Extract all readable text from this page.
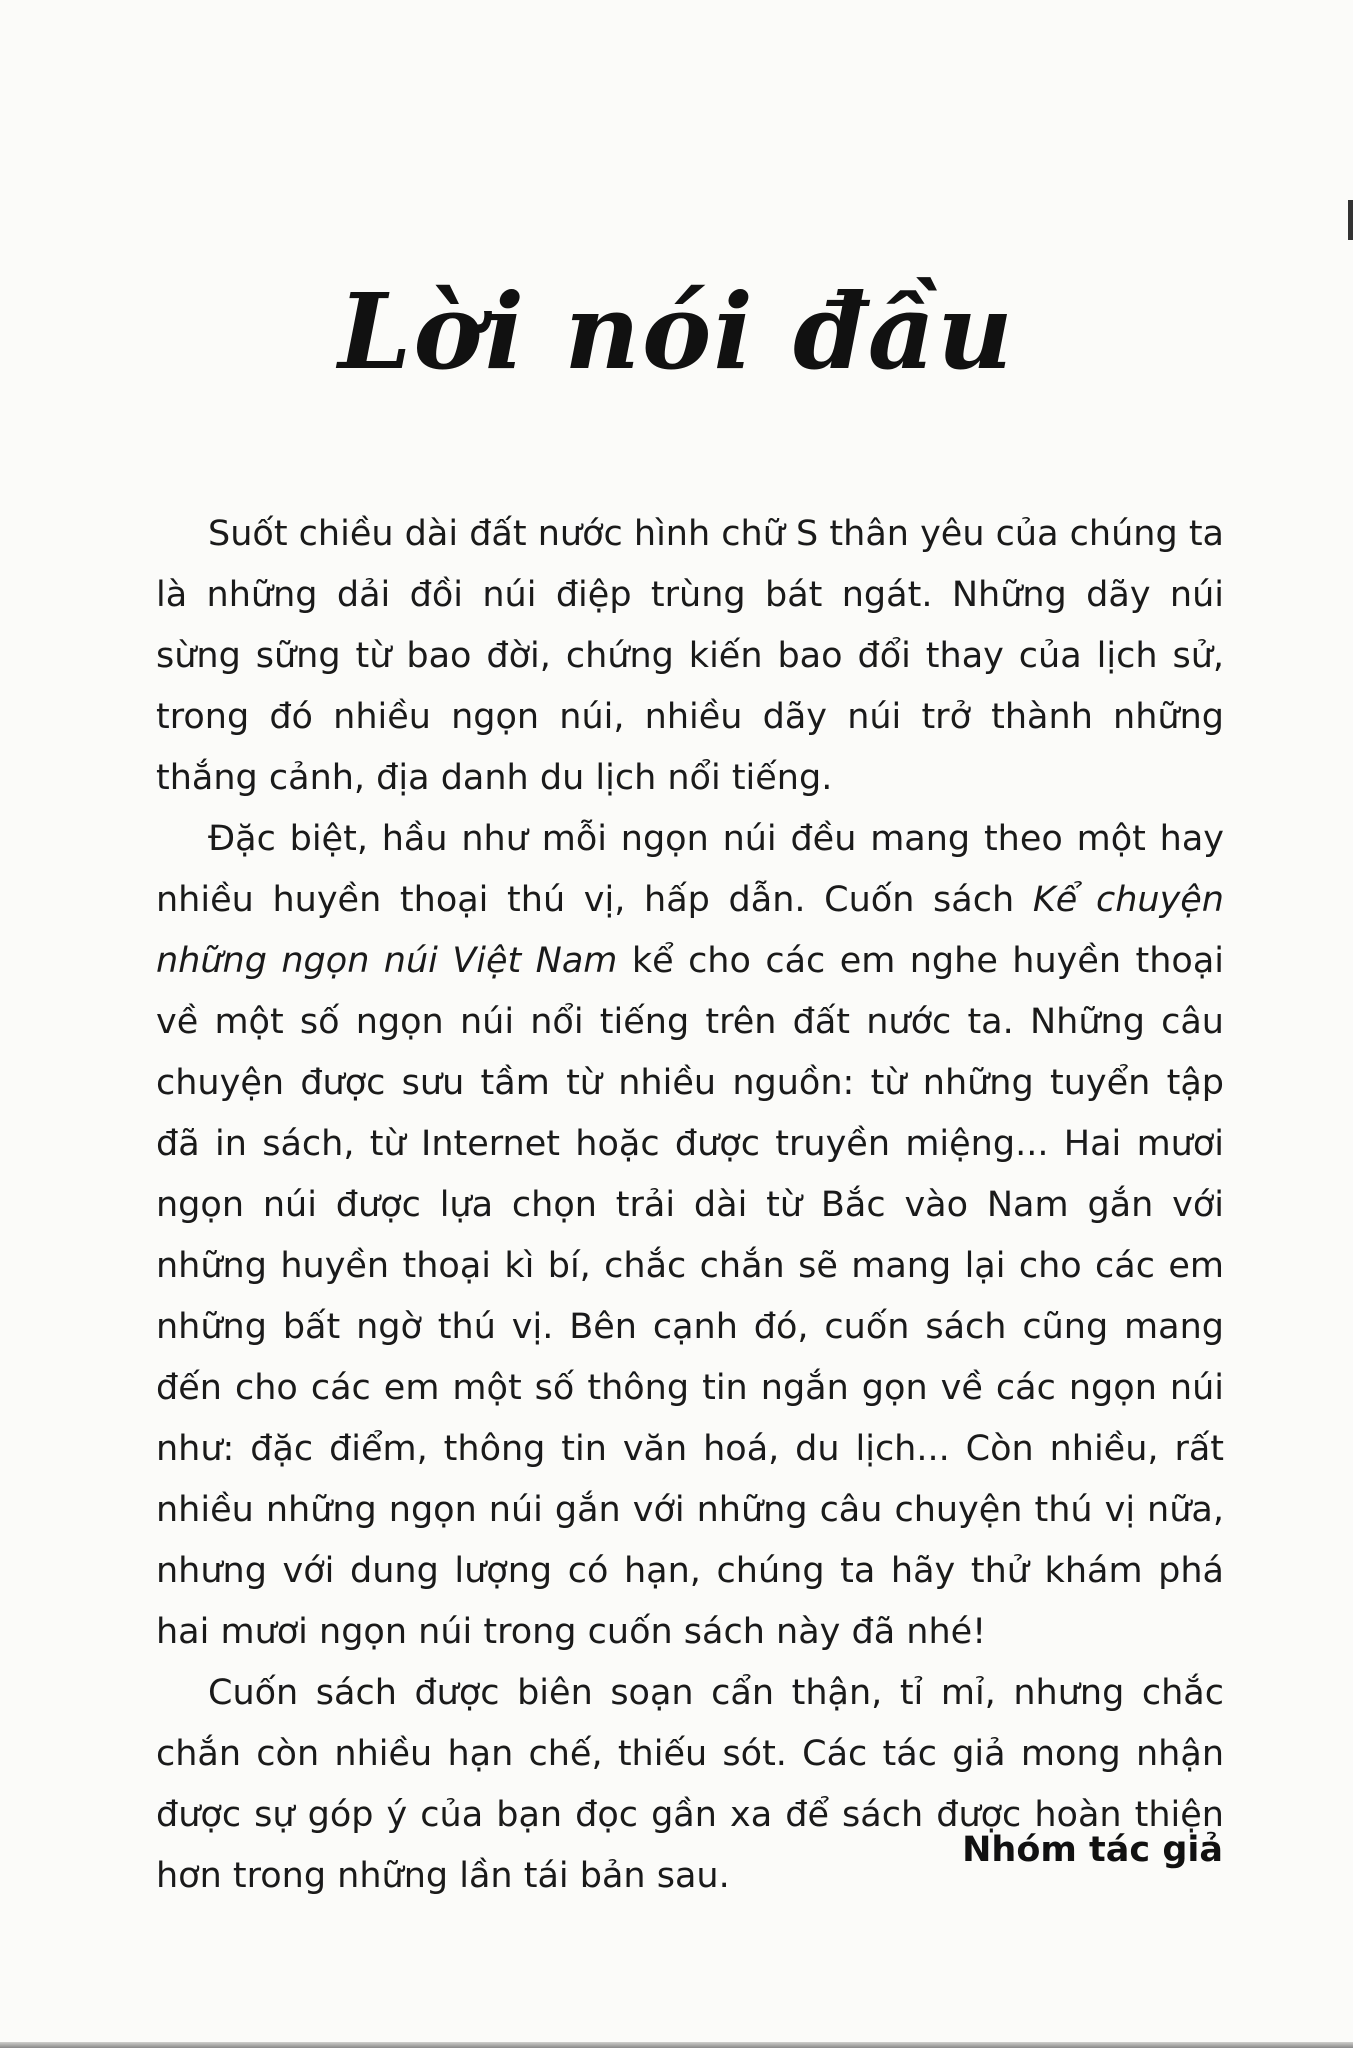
Lời nói đầu

Suốt chiều dài đất nước hình chữ S thân yêu của chúng ta là những dải đồi núi điệp trùng bát ngát. Những dãy núi sừng sững từ bao đời, chứng kiến bao đổi thay của lịch sử, trong đó nhiều ngọn núi, nhiều dãy núi trở thành những thắng cảnh, địa danh du lịch nổi tiếng.

Đặc biệt, hầu như mỗi ngọn núi đều mang theo một hay nhiều huyền thoại thú vị, hấp dẫn. Cuốn sách Kể chuyện những ngọn núi Việt Nam kể cho các em nghe huyền thoại về một số ngọn núi nổi tiếng trên đất nước ta. Những câu chuyện được sưu tầm từ nhiều nguồn: từ những tuyển tập đã in sách, từ Internet hoặc được truyền miệng... Hai mươi ngọn núi được lựa chọn trải dài từ Bắc vào Nam gắn với những huyền thoại kì bí, chắc chắn sẽ mang lại cho các em những bất ngờ thú vị. Bên cạnh đó, cuốn sách cũng mang đến cho các em một số thông tin ngắn gọn về các ngọn núi như: đặc điểm, thông tin văn hoá, du lịch... Còn nhiều, rất nhiều những ngọn núi gắn với những câu chuyện thú vị nữa, nhưng với dung lượng có hạn, chúng ta hãy thử khám phá hai mươi ngọn núi trong cuốn sách này đã nhé!

Cuốn sách được biên soạn cẩn thận, tỉ mỉ, nhưng chắc chắn còn nhiều hạn chế, thiếu sót. Các tác giả mong nhận được sự góp ý của bạn đọc gần xa để sách được hoàn thiện hơn trong những lần tái bản sau.

Nhóm tác giả
